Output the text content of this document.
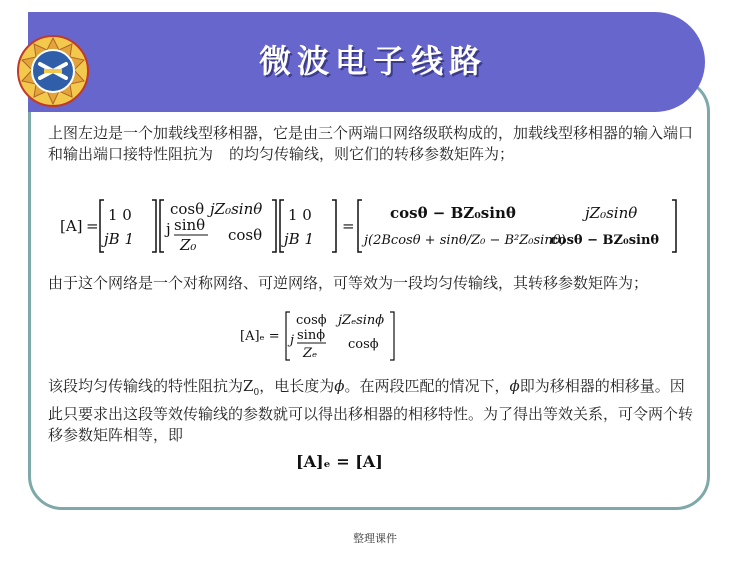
微波电子线路
上图左边是一个加载线型移相器，它是由三个两端口网络级联构成的，加载线型移相器的输入端口和输出端口接特性阻抗为 的均匀传输线，则它们的转移参数矩阵为；
[A] =
1 0
jB 1
cosθ jZ₀sinθ
j sinθ
Z₀
cosθ
1 0
jB 1
=
cosθ − BZ₀sinθ	jZ₀sinθ
j(2Bcosθ + sinθ/Z₀ − B²Z₀sinθ)
cosθ − BZ₀sinθ
由于这个网络是一个对称网络、可逆网络，可等效为一段均匀传输线，其转移参数矩阵为；
[A]ₑ =
cosϕ jZₑsinϕ
j sinϕ
Zₑ
cosϕ
该段均匀传输线的特性阻抗为$Z_0$，电长度为ϕ。在两段匹配的情况下，ϕ即为移相器的相移量。因此只要求出这段等效传输线的参数就可以得出移相器的相移特性。为了得出等效关系，可令两个转移参数矩阵相等，即
[A]ₑ = [A]
整理课件
